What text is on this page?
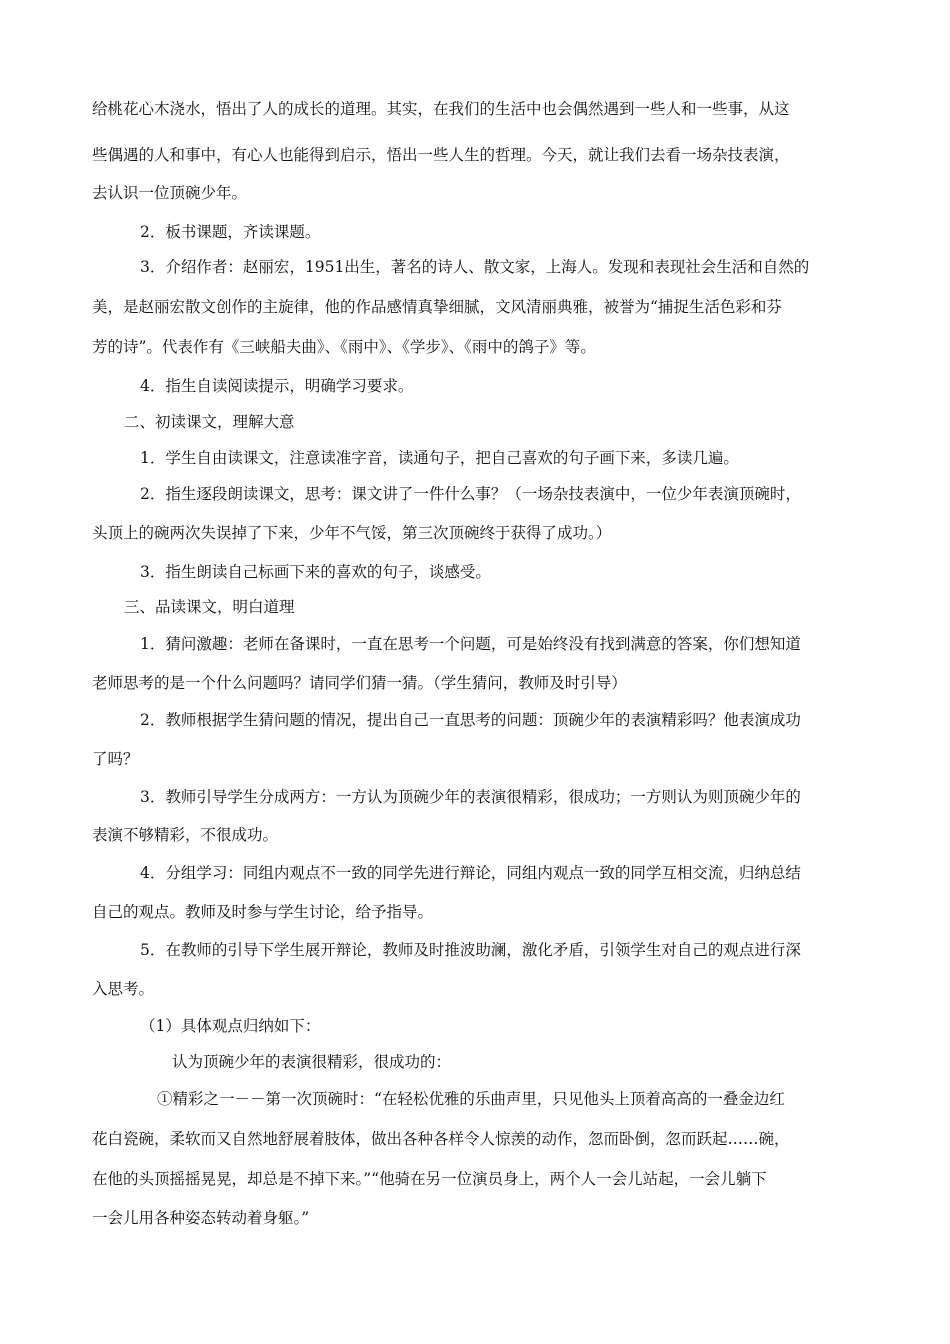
给桃花心木浇水，悟出了人的成长的道理。其实，在我们的生活中也会偶然遇到一些人和一些事，从这

些偶遇的人和事中，有心人也能得到启示，悟出一些人生的哲理。今天，就让我们去看一场杂技表演，

去认识一位顶碗少年。

2．板书课题，齐读课题。

3．介绍作者：赵丽宏，1951出生，著名的诗人、散文家，上海人。发现和表现社会生活和自然的

美，是赵丽宏散文创作的主旋律，他的作品感情真挚细腻，文风清丽典雅，被誉为“捕捉生活色彩和芬

芳的诗”。代表作有《三峡船夫曲》、《雨中》、《学步》、《雨中的鸽子》等。

4．指生自读阅读提示，明确学习要求。

二、初读课文，理解大意

1．学生自由读课文，注意读准字音，读通句子，把自己喜欢的句子画下来，多读几遍。

2．指生逐段朗读课文，思考：课文讲了一件什么事？（一场杂技表演中，一位少年表演顶碗时，

头顶上的碗两次失误掉了下来，少年不气馁，第三次顶碗终于获得了成功。）

3．指生朗读自己标画下来的喜欢的句子，谈感受。

三、品读课文，明白道理

1．猜问激趣：老师在备课时，一直在思考一个问题，可是始终没有找到满意的答案，你们想知道

老师思考的是一个什么问题吗？请同学们猜一猜。（学生猜问，教师及时引导）

2．教师根据学生猜问题的情况，提出自己一直思考的问题：顶碗少年的表演精彩吗？他表演成功

了吗？

3．教师引导学生分成两方：一方认为顶碗少年的表演很精彩，很成功；一方则认为则顶碗少年的

表演不够精彩，不很成功。

4．分组学习：同组内观点不一致的同学先进行辩论，同组内观点一致的同学互相交流，归纳总结

自己的观点。教师及时参与学生讨论，给予指导。

5．在教师的引导下学生展开辩论，教师及时推波助澜，激化矛盾，引领学生对自己的观点进行深

入思考。

（1）具体观点归纳如下：

认为顶碗少年的表演很精彩，很成功的：

①精彩之一－－第一次顶碗时：“在轻松优雅的乐曲声里，只见他头上顶着高高的一叠金边红

花白瓷碗，柔软而又自然地舒展着肢体，做出各种各样令人惊羡的动作，忽而卧倒，忽而跃起……碗，

在他的头顶摇摇晃晃，却总是不掉下来。”“他骑在另一位演员身上，两个人一会儿站起，一会儿躺下

一会儿用各种姿态转动着身躯。”
